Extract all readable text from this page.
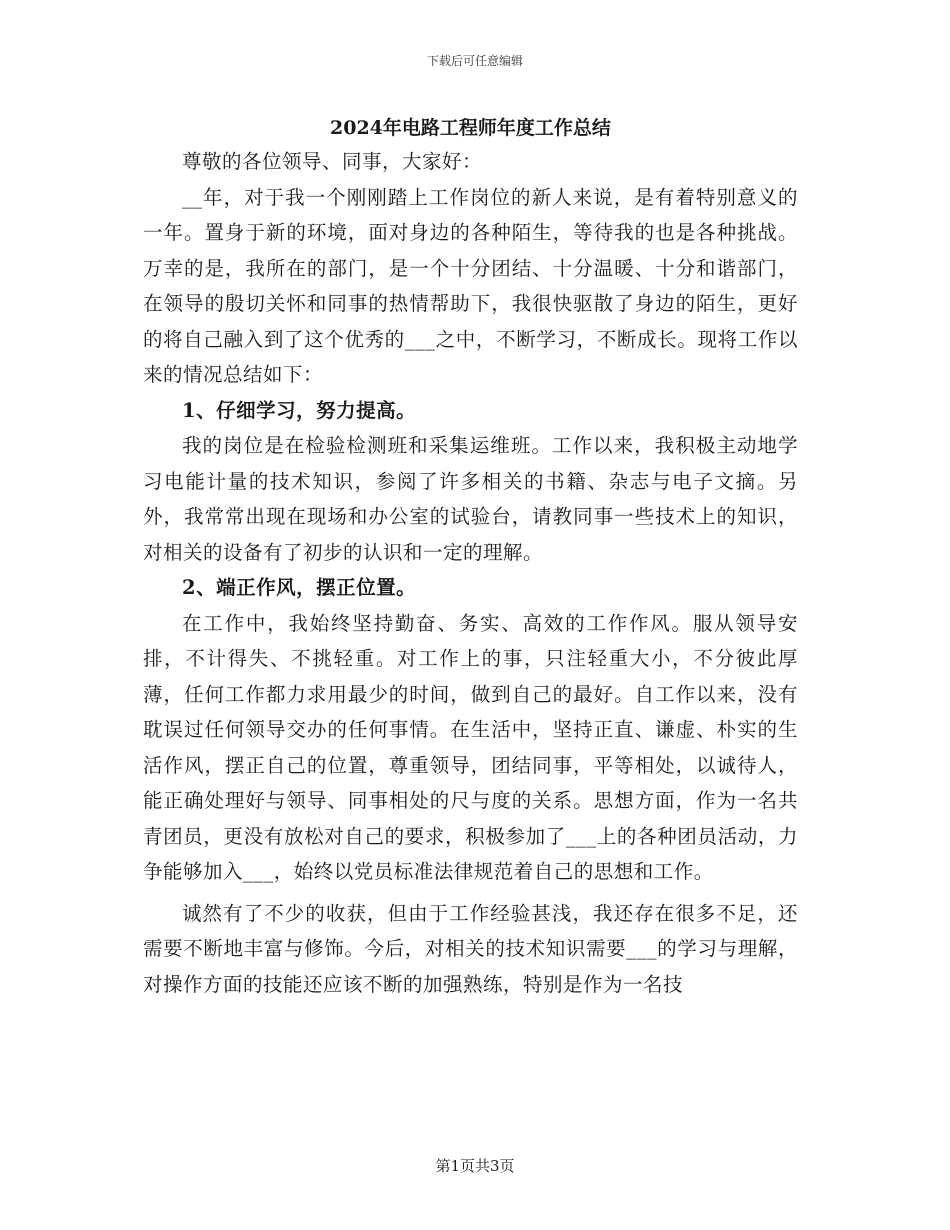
下载后可任意编辑
2024年电路工程师年度工作总结

尊敬的各位领导、同事，大家好：

__年，对于我一个刚刚踏上工作岗位的新人来说，是有着特别意义的一年。置身于新的环境，面对身边的各种陌生，等待我的也是各种挑战。万幸的是，我所在的部门，是一个十分团结、十分温暖、十分和谐部门，在领导的殷切关怀和同事的热情帮助下，我很快驱散了身边的陌生，更好的将自己融入到了这个优秀的___之中，不断学习，不断成长。现将工作以来的情况总结如下：

1、仔细学习，努力提高。

我的岗位是在检验检测班和采集运维班。工作以来，我积极主动地学习电能计量的技术知识，参阅了许多相关的书籍、杂志与电子文摘。另外，我常常出现在现场和办公室的试验台，请教同事一些技术上的知识，对相关的设备有了初步的认识和一定的理解。

2、端正作风，摆正位置。

在工作中，我始终坚持勤奋、务实、高效的工作作风。服从领导安排，不计得失、不挑轻重。对工作上的事，只注轻重大小，不分彼此厚薄，任何工作都力求用最少的时间，做到自己的最好。自工作以来，没有耽误过任何领导交办的任何事情。在生活中，坚持正直、谦虚、朴实的生活作风，摆正自己的位置，尊重领导，团结同事，平等相处，以诚待人，能正确处理好与领导、同事相处的尺与度的关系。思想方面，作为一名共青团员，更没有放松对自己的要求，积极参加了___上的各种团员活动，力争能够加入___，始终以党员标准法律规范着自己的思想和工作。

诚然有了不少的收获，但由于工作经验甚浅，我还存在很多不足，还需要不断地丰富与修饰。今后，对相关的技术知识需要___的学习与理解，对操作方面的技能还应该不断的加强熟练，特别是作为一名技

第1页共3页
